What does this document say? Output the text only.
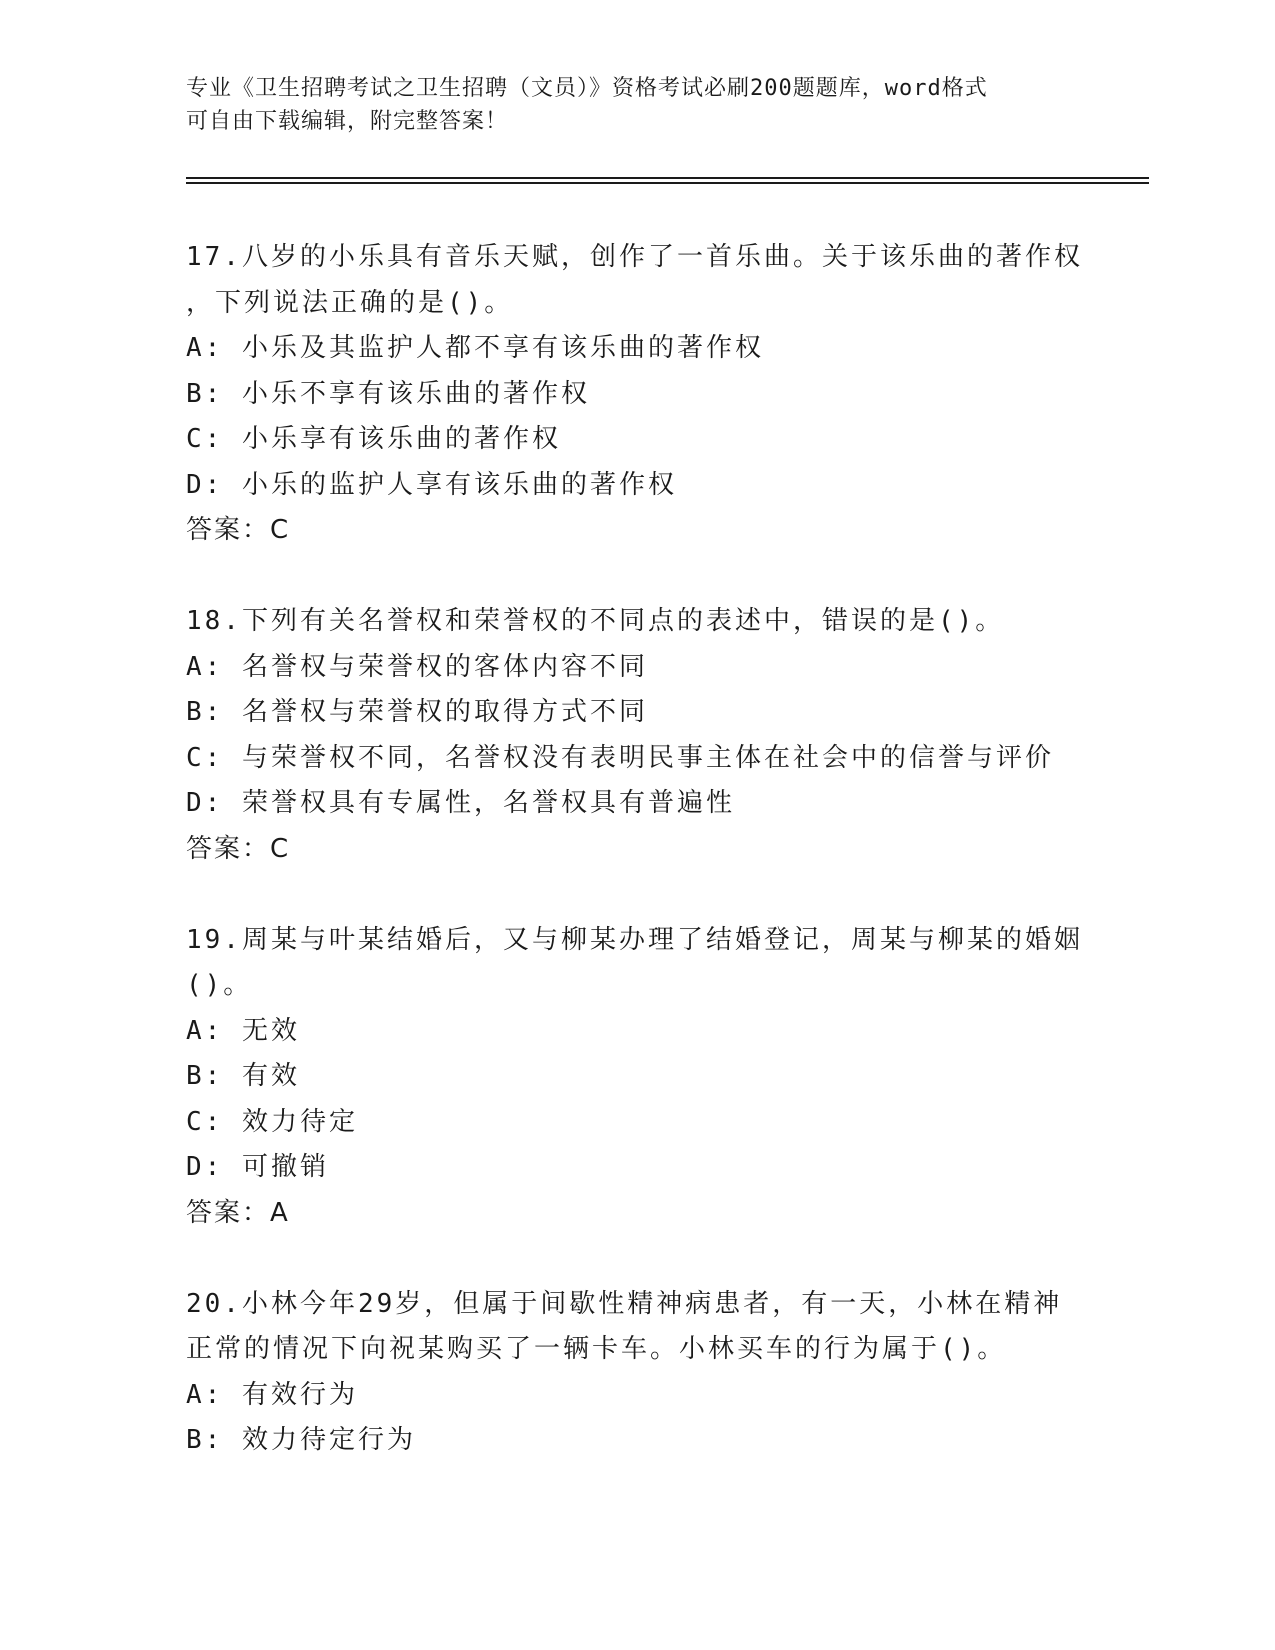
专业《卫生招聘考试之卫生招聘（文员）》资格考试必刷200题题库，word格式
可自由下载编辑，附完整答案！
17.八岁的小乐具有音乐天赋，创作了一首乐曲。关于该乐曲的著作权
，下列说法正确的是()。
A: 小乐及其监护人都不享有该乐曲的著作权
B: 小乐不享有该乐曲的著作权
C: 小乐享有该乐曲的著作权
D: 小乐的监护人享有该乐曲的著作权
答案：C
18.下列有关名誉权和荣誉权的不同点的表述中，错误的是()。
A: 名誉权与荣誉权的客体内容不同
B: 名誉权与荣誉权的取得方式不同
C: 与荣誉权不同，名誉权没有表明民事主体在社会中的信誉与评价
D: 荣誉权具有专属性，名誉权具有普遍性
答案：C
19.周某与叶某结婚后，又与柳某办理了结婚登记，周某与柳某的婚姻
()。
A: 无效
B: 有效
C: 效力待定
D: 可撤销
答案：A
20.小林今年29岁，但属于间歇性精神病患者，有一天，小林在精神
正常的情况下向祝某购买了一辆卡车。小林买车的行为属于()。
A: 有效行为
B: 效力待定行为
